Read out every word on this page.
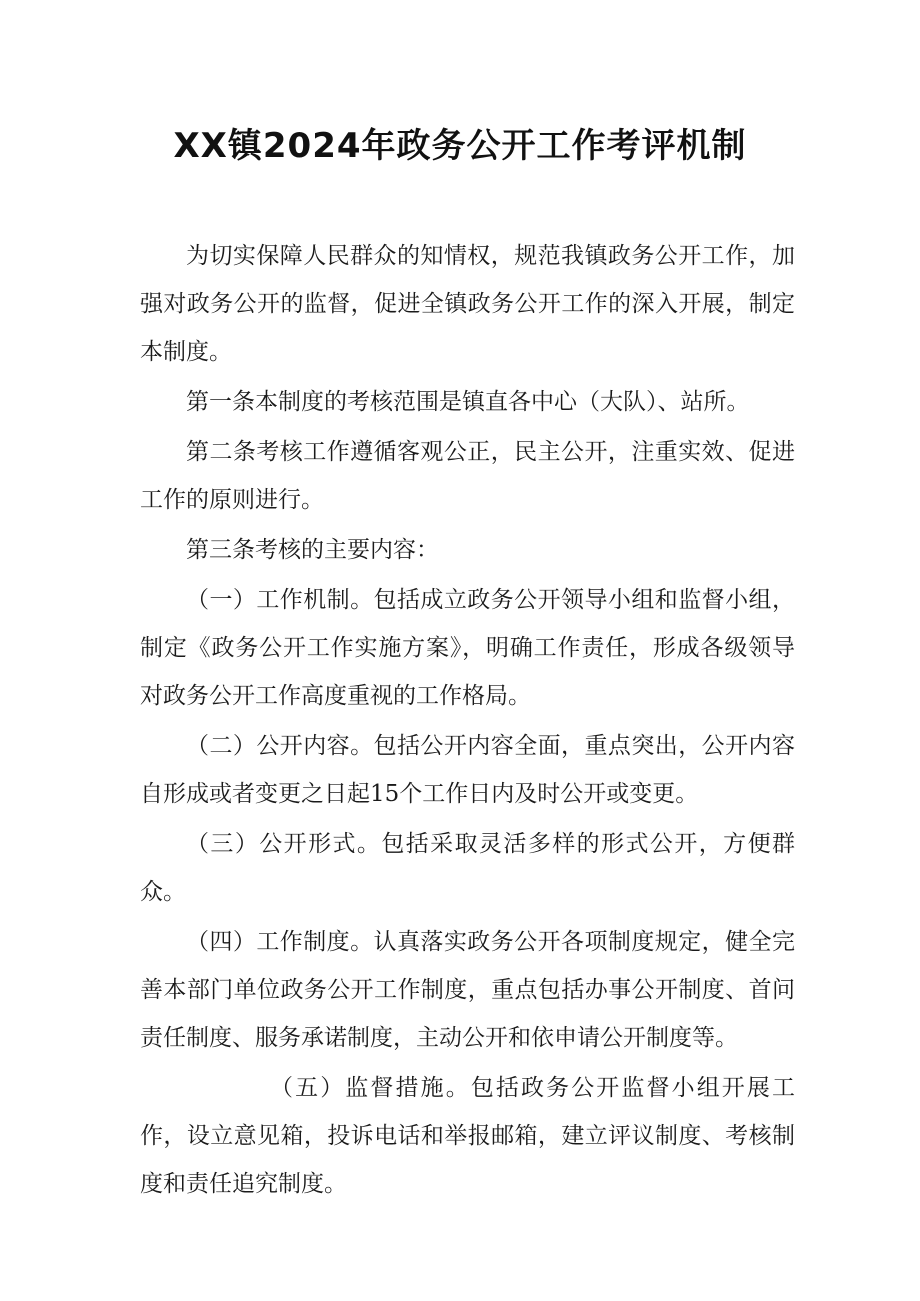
XX镇2024年政务公开工作考评机制

为切实保障人民群众的知情权，规范我镇政务公开工作，加强对政务公开的监督，促进全镇政务公开工作的深入开展，制定本制度。

第一条本制度的考核范围是镇直各中心（大队）、站所。

第二条考核工作遵循客观公正，民主公开，注重实效、促进工作的原则进行。

第三条考核的主要内容：

（一）工作机制。包括成立政务公开领导小组和监督小组，制定《政务公开工作实施方案》，明确工作责任，形成各级领导对政务公开工作高度重视的工作格局。

（二）公开内容。包括公开内容全面，重点突出，公开内容自形成或者变更之日起15个工作日内及时公开或变更。

（三）公开形式。包括采取灵活多样的形式公开，方便群众。

（四）工作制度。认真落实政务公开各项制度规定，健全完善本部门单位政务公开工作制度，重点包括办事公开制度、首问责任制度、服务承诺制度，主动公开和依申请公开制度等。

（五）监督措施。包括政务公开监督小组开展工作，设立意见箱，投诉电话和举报邮箱，建立评议制度、考核制度和责任追究制度。
